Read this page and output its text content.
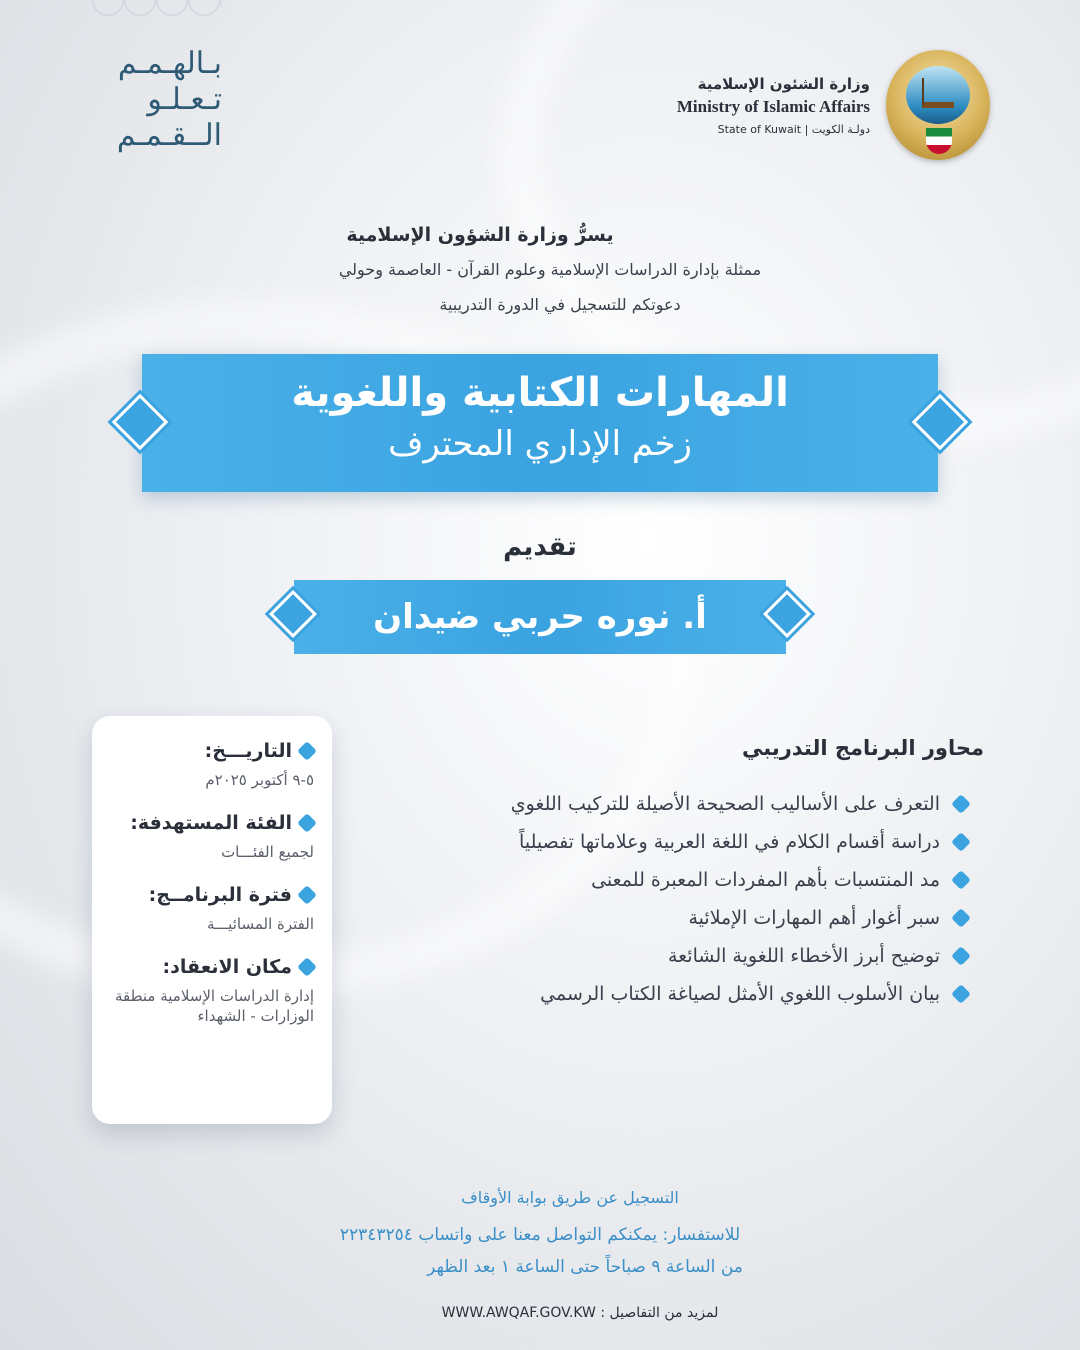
بـالهـمـم
تـعـلـو
الــقـمـم
وزارة الشئون الإسلامية
Ministry of Islamic Affairs
State of Kuwait | دولـة الكويت
يسرُّ وزارة الشؤون الإسلامية
ممثلة بإدارة الدراسات الإسلامية وعلوم القرآن - العاصمة وحولي
دعوتكم للتسجيل في الدورة التدريبية
المهارات الكتابية واللغوية
زخم الإداري المحترف
تقديم
أ. نوره حربي ضيدان
التاريـــخ:
٥-٩ أكتوبر ٢٠٢٥م
الفئة المستهدفة:
لجميع الفئـــات
فترة البرنامــج:
الفترة المسائيـــة
مكان الانعقاد:
إدارة الدراسات الإسلامية منطقة الوزارات - الشهداء
محاور البرنامج التدريبي
التعرف على الأساليب الصحيحة الأصيلة للتركيب اللغوي
دراسة أقسام الكلام في اللغة العربية وعلاماتها تفصيلياً
مد المنتسبات بأهم المفردات المعبرة للمعنى
سبر أغوار أهم المهارات الإملائية
توضيح أبرز الأخطاء اللغوية الشائعة
بيان الأسلوب اللغوي الأمثل لصياغة الكتاب الرسمي
التسجيل عن طريق بوابة الأوقاف
للاستفسار: يمكنكم التواصل معنا على واتساب ٢٢٣٤٣٢٥٤
من الساعة ٩ صباحاً حتى الساعة ١ بعد الظهر
لمزيد من التفاصيل : WWW.AWQAF.GOV.KW
